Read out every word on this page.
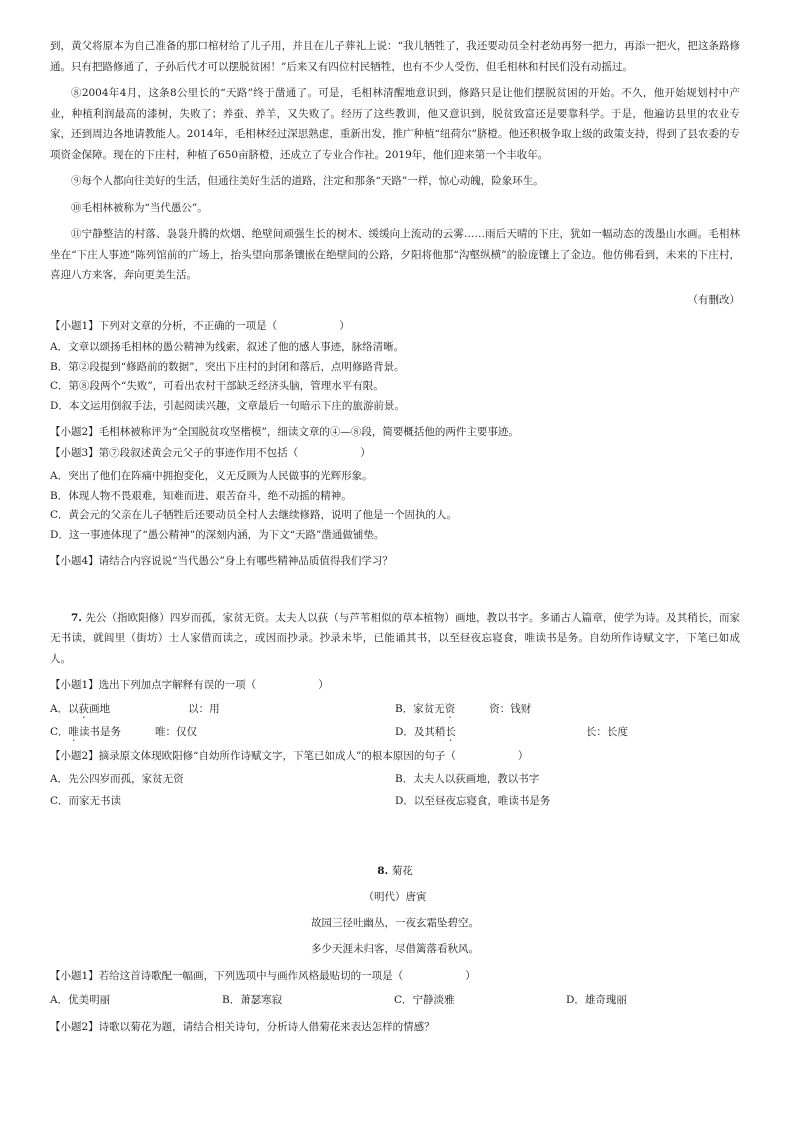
到，黄父将原本为自己准备的那口棺材给了儿子用，并且在儿子葬礼上说：“我儿牺牲了，我还要动员全村老幼再努一把力，再添一把火，把这条路修通。只有把路修通了，子孙后代才可以摆脱贫困！”后来又有四位村民牺牲，也有不少人受伤，但毛相林和村民们没有动摇过。

⑧2004年4月，这条8公里长的“天路”终于凿通了。可是，毛相林清醒地意识到，修路只是让他们摆脱贫困的开始。不久，他开始规划村中产业，种植利润最高的漆树，失败了；养蚕、养羊，又失败了。经历了这些教训，他又意识到，脱贫致富还是要靠科学。于是，他遍访县里的农业专家，还到周边各地请教能人。2014年，毛相林经过深思熟虑，重新出发，推广种植“纽荷尔”脐橙。他还积极争取上级的政策支持，得到了县农委的专项资金保障。现在的下庄村，种植了650亩脐橙，还成立了专业合作社。2019年，他们迎来第一个丰收年。

⑨每个人都向往美好的生活，但通往美好生活的道路，注定和那条“天路”一样，惊心动魄，险象环生。

⑩毛相林被称为“当代愚公”。

⑪宁静整洁的村落、袅袅升腾的炊烟、绝壁间顽强生长的树木、缓缓向上流动的云雾……雨后天晴的下庄，犹如一幅动态的泼墨山水画。毛相林坐在“下庄人事迹”陈列馆前的广场上，抬头望向那条镶嵌在绝壁间的公路，夕阳将他那“沟壑纵横”的脸庞镶上了金边。他仿佛看到，未来的下庄村，喜迎八方来客，奔向更美生活。

（有删改）

【小题1】下列对文章的分析，不正确的一项是（	）

A．文章以颂扬毛相林的愚公精神为线索，叙述了他的感人事迹，脉络清晰。

B．第②段提到“修路前的数据”，突出下庄村的封闭和落后，点明修路背景。

C．第⑧段两个“失败”，可看出农村干部缺乏经济头脑，管理水平有限。

D．本文运用倒叙手法，引起阅读兴趣，文章最后一句暗示下庄的旅游前景。

【小题2】毛相林被称评为“全国脱贫攻坚楷模”，细读文章的④—⑧段，简要概括他的两件主要事迹。
【小题3】第⑦段叙述黄会元父子的事迹作用不包括（	）

A．突出了他们在阵痛中拥抱变化，义无反顾为人民做事的光辉形象。

B．体现人物不畏艰难，知难而进、艰苦奋斗，绝不动摇的精神。

C．黄会元的父亲在儿子牺牲后还要动员全村人去继续修路，说明了他是一个固执的人。

D．这一事迹体现了“愚公精神”的深刻内涵，为下文“天路”凿通做铺垫。

【小题4】请结合内容说说“当代愚公”身上有哪些精神品质值得我们学习？

7. 先公（指欧阳修）四岁而孤，家贫无资。太夫人以荻（与芦苇相似的草本植物）画地，教以书字。多诵古人篇章，使学为诗。及其稍长，而家无书读，就闾里（街坊）士人家借而读之，或因而抄录。抄录未毕，已能诵其书，以至昼夜忘寝食，唯读书是务。自幼所作诗赋文字，下笔已如成人。

【小题1】选出下列加点字解释有误的一项（	）
A．以荻画地	以：用	B．家贫无资	资：钱财
C．唯读书是务	唯：仅仅	D．及其稍长	长：长度
【小题2】摘录原文体现欧阳修“自幼所作诗赋文字，下笔已如成人”的根本原因的句子（	）
A．先公四岁而孤，家贫无资	B．太夫人以荻画地，教以书字
C．而家无书读	D．以至昼夜忘寝食，唯读书是务
8. 菊花
（明代）唐寅
故园三径吐幽丛，一夜玄霜坠碧空。
多少天涯未归客，尽借篱落看秋风。
【小题1】若给这首诗歌配一幅画，下列选项中与画作风格最贴切的一项是（	）
A．优美明丽	B．萧瑟寒寂	C．宁静淡雅	D．雄奇瑰丽
【小题2】诗歌以菊花为题，请结合相关诗句，分析诗人借菊花来表达怎样的情感？
